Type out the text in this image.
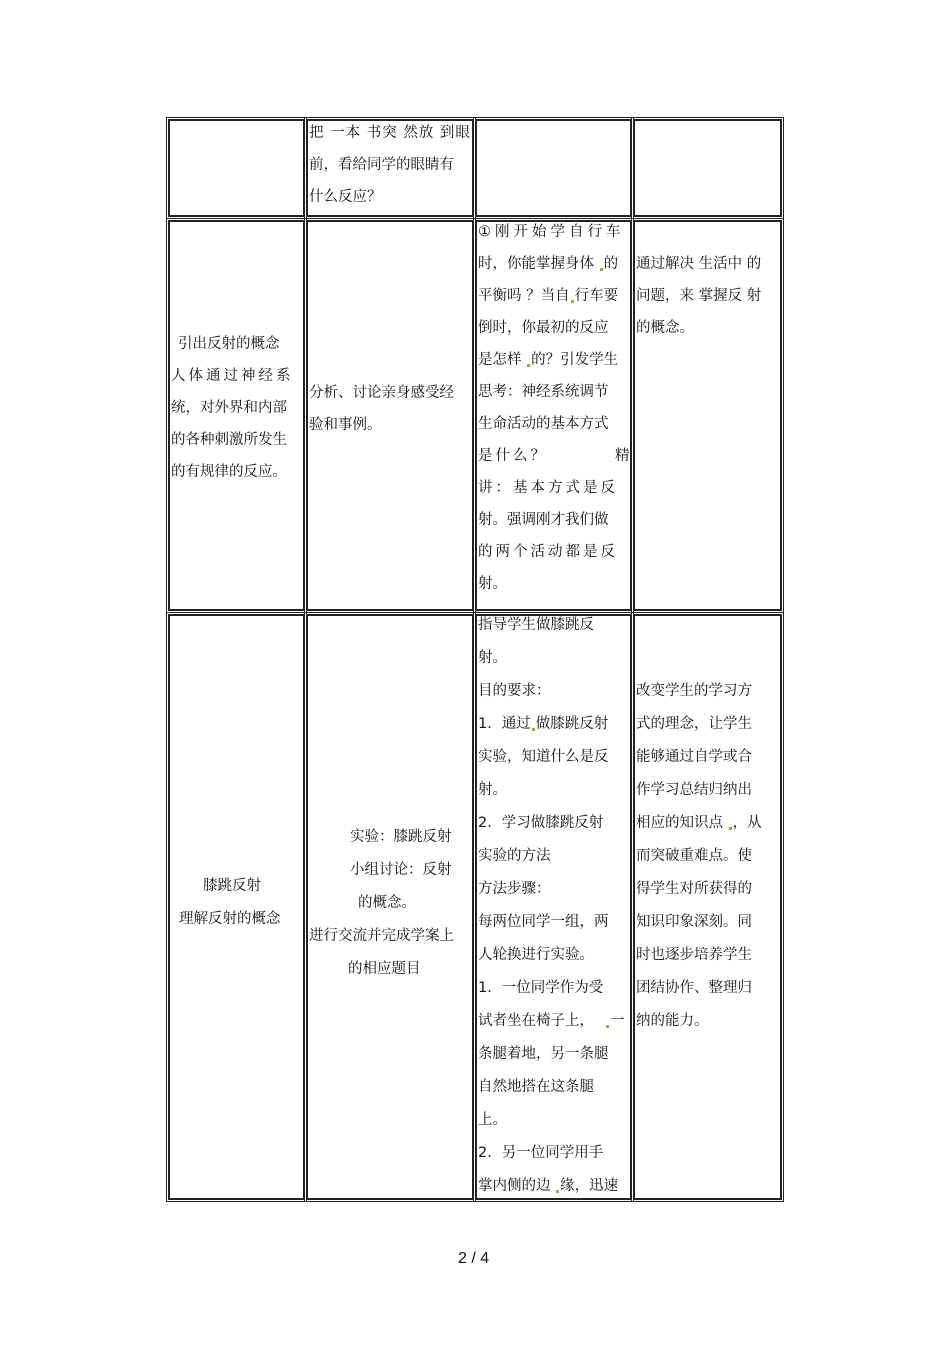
把 一本 书突 然放 到眼
前，看给同学的眼睛有
什么反应？
引出反射的概念
人体通过神经系
统，对外界和内部
的各种刺激所发生
的有规律的反应。
分析、讨论亲身感受经
验和事例。
①刚开始学自行车
时，你能掌握身体 的
平衡吗 ？当自 行车要
倒时，你最初的反应
是怎样 的？引发学生
思考：神经系统调节
生命活动的基本方式
是什么？	精
讲：基本方式是反
射。强调刚才我们做
的两个活动都是反
射。
通过解决 生活中 的
问题，来 掌握反 射
的概念。
膝跳反射
理解反射的概念
实验：膝跳反射
小组讨论：反射
的概念。
进行交流并完成学案上
的相应题目
指导学生做膝跳反
射。
目的要求：
1．通过 做膝跳反射
实验，知道什么是反
射。
2．学习做膝跳反射
实验的方法
方法步骤：
每两位同学一组，两
人轮换进行实验。
1．一位同学作为受
试者坐在椅子上，	一
条腿着地，另一条腿
自然地搭在这条腿
上。
2．另一位同学用手
掌内侧的边 缘，迅速
改变学生的学习方
式的理念，让学生
能够通过自学或合
作学习总结归纳出
相应的知识点 ，从
而突破重难点。使
得学生对所获得的
知识印象深刻。同
时也逐步培养学生
团结协作、整理归
纳的能力。
2 / 4
